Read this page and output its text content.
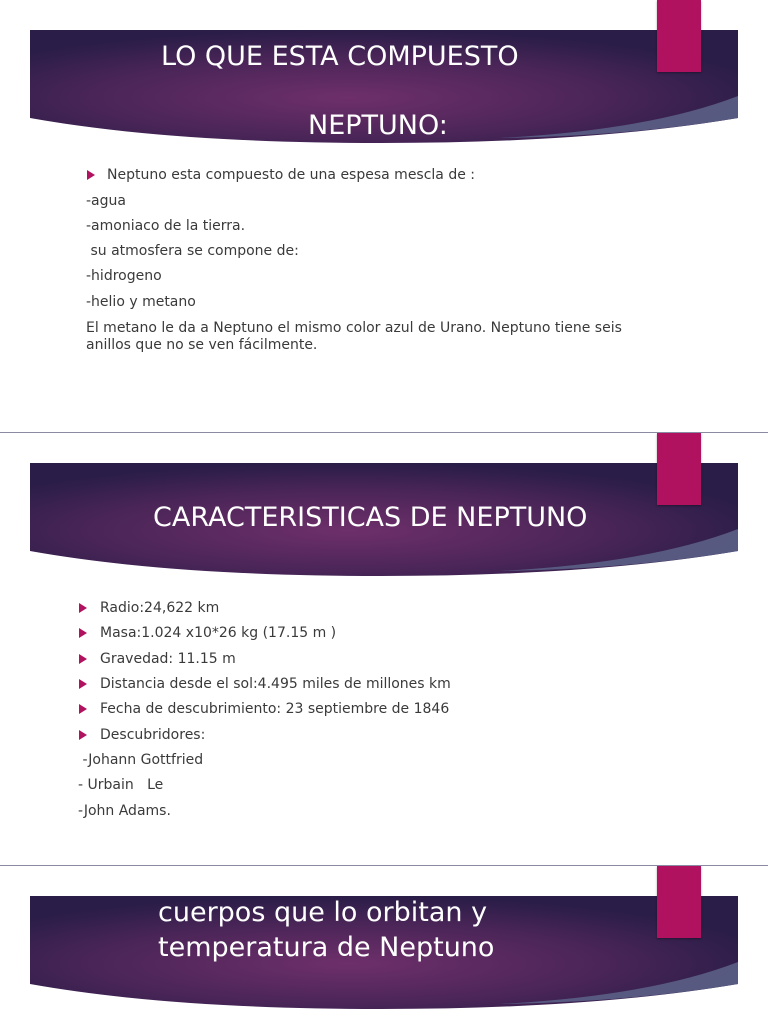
LO QUE ESTA COMPUESTO
NEPTUNO:
Neptuno esta compuesto de una espesa mescla de :
-agua
-amoniaco de la tierra.
su atmosfera se compone de:
-hidrogeno
-helio y metano
El metano le da a Neptuno el mismo color azul de Urano. Neptuno tiene seis anillos que no se ven fácilmente.
CARACTERISTICAS DE NEPTUNO
Radio:24,622 km
Masa:1.024 x10*26 kg (17.15 m )
Gravedad: 11.15 m
Distancia desde el sol:4.495 miles de millones km
Fecha de descubrimiento: 23 septiembre de 1846
Descubridores:
-Johann Gottfried
- Urbain   Le
-John Adams.
cuerpos que lo orbitan y
temperatura de Neptuno
